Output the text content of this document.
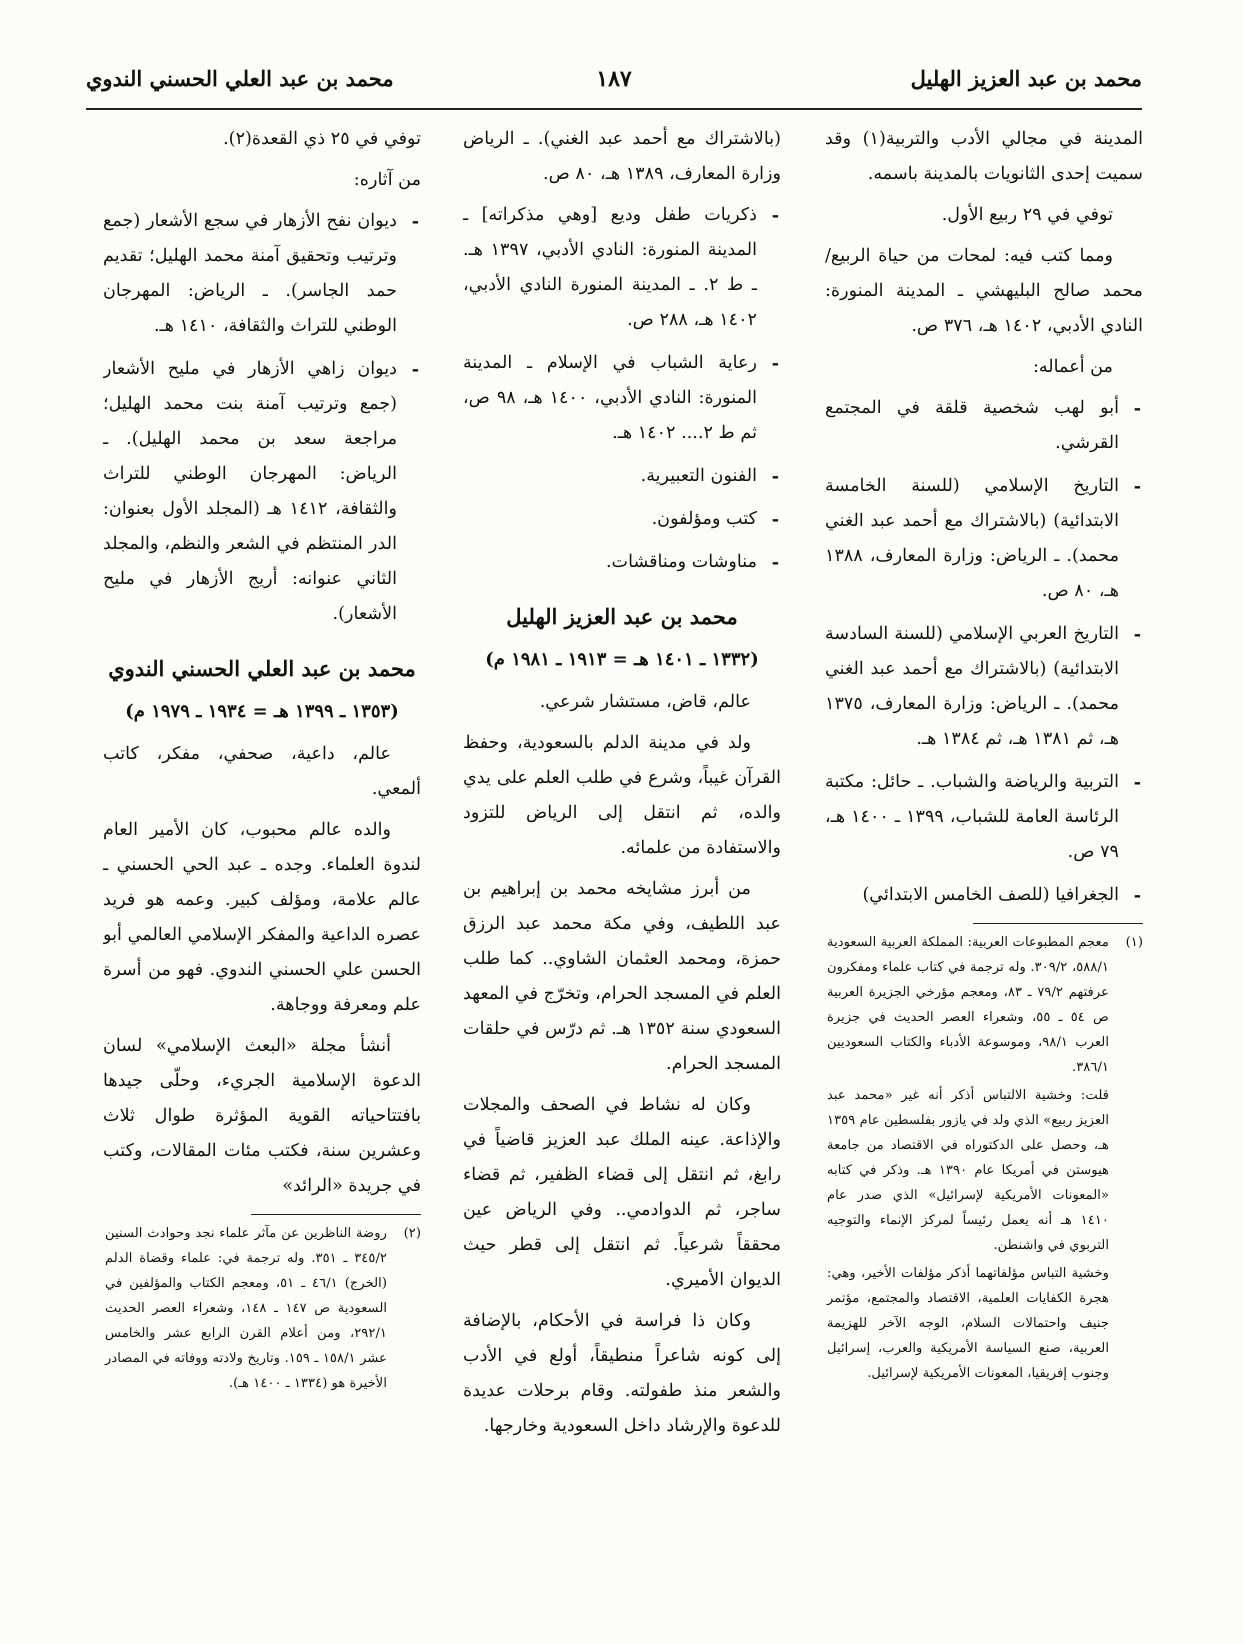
محمد بن عبد العزيز الهليل
١٨٧
محمد بن عبد العلي الحسني الندوي

المدينة في مجالي الأدب والتربية(١) وقد سميت إحدى الثانويات بالمدينة باسمه.

توفي في ٢٩ ربيع الأول.

ومما كتب فيه: لمحات من حياة الربيع/محمد صالح البليهشي ـ المدينة المنورة: النادي الأدبي، ١٤٠٢ هـ، ٣٧٦ ص.

من أعماله:

- أبو لهب شخصية قلقة في المجتمع القرشي.
- التاريخ الإسلامي (للسنة الخامسة الابتدائية) (بالاشتراك مع أحمد عبد الغني محمد). ـ الرياض: وزارة المعارف، ١٣٨٨ هـ، ٨٠ ص.
- التاريخ العربي الإسلامي (للسنة السادسة الابتدائية) (بالاشتراك مع أحمد عبد الغني محمد). ـ الرياض: وزارة المعارف، ١٣٧٥ هـ، ثم ١٣٨١ هـ، ثم ١٣٨٤ هـ.
- التربية والرياضة والشباب. ـ حائل: مكتبة الرئاسة العامة للشباب، ١٣٩٩ ـ ١٤٠٠ هـ، ٧٩ ص.
- الجغرافيا (للصف الخامس الابتدائي)
(١)

معجم المطبوعات العربية: المملكة العربية السعودية ٥٨٨/١، ٣٠٩/٢. وله ترجمة في كتاب علماء ومفكرون عرفتهم ٧٩/٢ ـ ٨٣، ومعجم مؤرخي الجزيرة العربية ص ٥٤ ـ ٥٥، وشعراء العصر الحديث في جزيرة العرب ٩٨/١، وموسوعة الأدباء والكتاب السعوديين ٣٨٦/١.

قلت: وخشية الالتباس أذكر أنه غير «محمد عبد العزيز ربيع» الذي ولد في يازور بفلسطين عام ١٣٥٩ هـ، وحصل على الدكتوراه في الاقتصاد من جامعة هيوستن في أمريكا عام ١٣٩٠ هـ. وذكر في كتابه «المعونات الأمريكية لإسرائيل» الذي صدر عام ١٤١٠ هـ أنه يعمل رئيساً لمركز الإنماء والتوجيه التربوي في واشنطن.

وخشية التباس مؤلفاتهما أذكر مؤلفات الأخير، وهي: هجرة الكفايات العلمية، الاقتصاد والمجتمع، مؤتمر جنيف واحتمالات السلام، الوجه الآخر للهزيمة العربية، صنع السياسة الأمريكية والعرب، إسرائيل وجنوب إفريقيا، المعونات الأمريكية لإسرائيل.

(بالاشتراك مع أحمد عبد الغني). ـ الرياض وزارة المعارف، ١٣٨٩ هـ، ٨٠ ص.

- ذكريات طفل وديع [وهي مذكراته] ـ المدينة المنورة: النادي الأدبي، ١٣٩٧ هـ. ـ ط ٢. ـ المدينة المنورة النادي الأدبي، ١٤٠٢ هـ، ٢٨٨ ص.
- رعاية الشباب في الإسلام ـ المدينة المنورة: النادي الأدبي، ١٤٠٠ هـ، ٩٨ ص، ثم ط ٢.... ١٤٠٢ هـ.
- الفنون التعبيرية.
- كتب ومؤلفون.
- مناوشات ومناقشات.
محمد بن عبد العزيز الهليل
(١٣٣٢ ـ ١٤٠١ هـ = ١٩١٣ ـ ١٩٨١ م)

عالم، قاض، مستشار شرعي.

ولد في مدينة الدلم بالسعودية، وحفظ القرآن غيباً، وشرع في طلب العلم على يدي والده، ثم انتقل إلى الرياض للتزود والاستفادة من علمائه.

من أبرز مشايخه محمد بن إبراهيم بن عبد اللطيف، وفي مكة محمد عبد الرزق حمزة، ومحمد العثمان الشاوي.. كما طلب العلم في المسجد الحرام، وتخرّج في المعهد السعودي سنة ١٣٥٢ هـ. ثم درّس في حلقات المسجد الحرام.

وكان له نشاط في الصحف والمجلات والإذاعة. عينه الملك عبد العزيز قاضياً في رابغ، ثم انتقل إلى قضاء الظفير، ثم قضاء ساجر، ثم الدوادمي.. وفي الرياض عين محققاً شرعياً. ثم انتقل إلى قطر حيث الديوان الأميري.

وكان ذا فراسة في الأحكام، بالإضافة إلى كونه شاعراً منطيقاً، أولع في الأدب والشعر منذ طفولته. وقام برحلات عديدة للدعوة والإرشاد داخل السعودية وخارجها.

توفي في ٢٥ ذي القعدة(٢).

من آثاره:

- ديوان نفح الأزهار في سجع الأشعار (جمع وترتيب وتحقيق آمنة محمد الهليل؛ تقديم حمد الجاسر). ـ الرياض: المهرجان الوطني للتراث والثقافة، ١٤١٠ هـ.
- ديوان زاهي الأزهار في مليح الأشعار (جمع وترتيب آمنة بنت محمد الهليل؛ مراجعة سعد بن محمد الهليل). ـ الرياض: المهرجان الوطني للتراث والثقافة، ١٤١٢ هـ (المجلد الأول بعنوان: الدر المنتظم في الشعر والنظم، والمجلد الثاني عنوانه: أريج الأزهار في مليح الأشعار).
محمد بن عبد العلي الحسني الندوي
(١٣٥٣ ـ ١٣٩٩ هـ = ١٩٣٤ ـ ١٩٧٩ م)

عالم، داعية، صحفي، مفكر، كاتب ألمعي.

والده عالم محبوب، كان الأمير العام لندوة العلماء. وجده ـ عبد الحي الحسني ـ عالم علامة، ومؤلف كبير. وعمه هو فريد عصره الداعية والمفكر الإسلامي العالمي أبو الحسن علي الحسني الندوي. فهو من أسرة علم ومعرفة ووجاهة.

أنشأ مجلة «البعث الإسلامي» لسان الدعوة الإسلامية الجريء، وحلّى جيدها بافتتاحياته القوية المؤثرة طوال ثلاث وعشرين سنة، فكتب مئات المقالات، وكتب في جريدة «الرائد»

(٢)روضة الناظرين عن مآثر علماء نجد وحوادث السنين ٣٤٥/٢ ـ ٣٥١. وله ترجمة في: علماء وقضاة الدلم (الخرج) ٤٦/١ ـ ٥١، ومعجم الكتاب والمؤلفين في السعودية ص ١٤٧ ـ ١٤٨، وشعراء العصر الحديث ٢٩٢/١، ومن أعلام القرن الرابع عشر والخامس عشر ١٥٨/١ ـ ١٥٩. وتاريخ ولادته ووفاته في المصادر الأخيرة هو (١٣٣٤ ـ ١٤٠٠ هـ).
